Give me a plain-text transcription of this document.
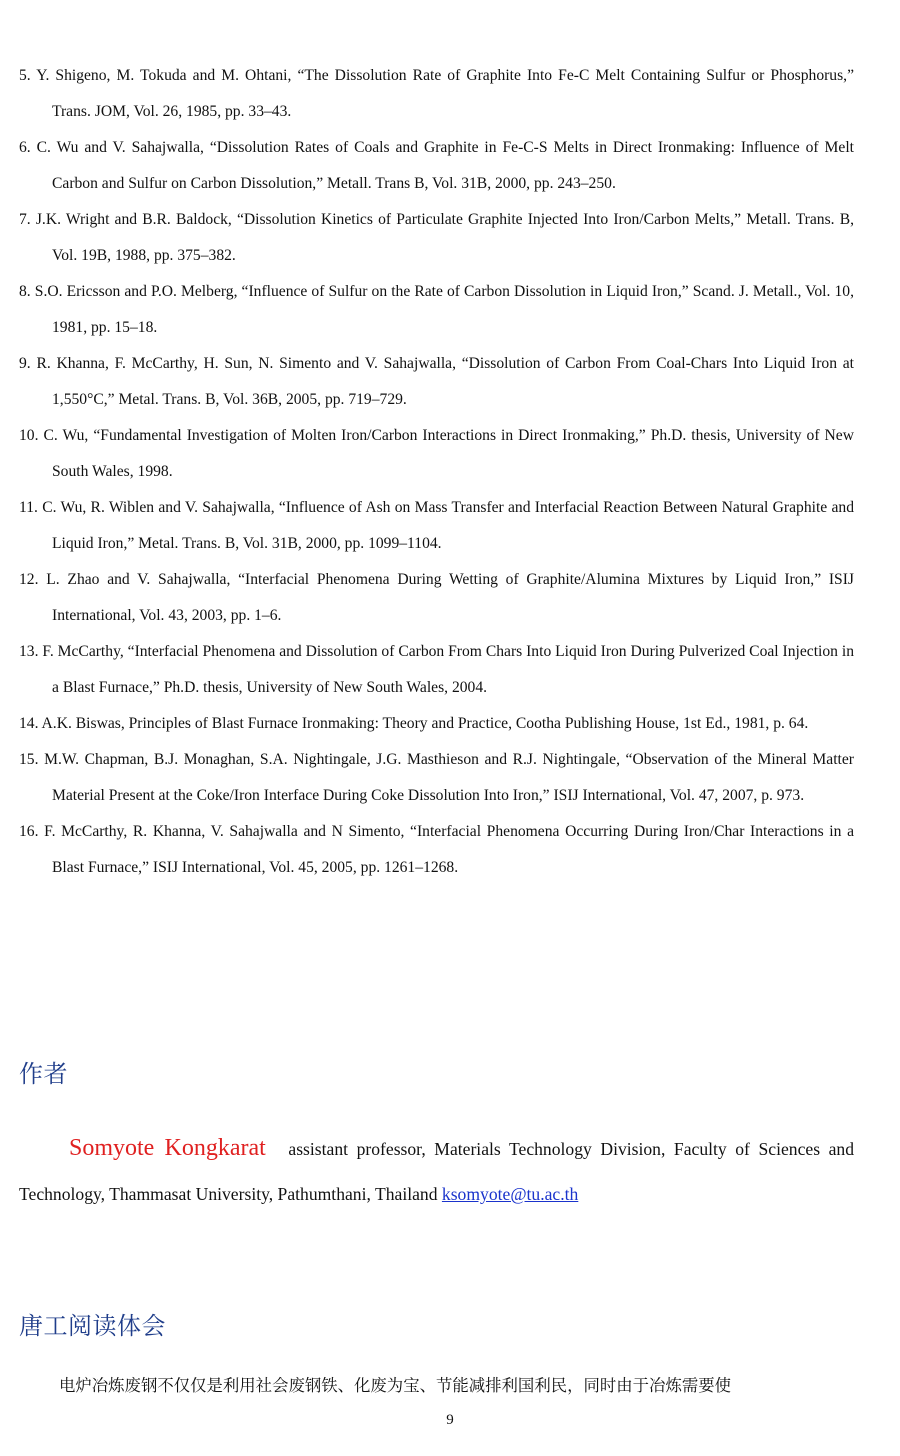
5. Y. Shigeno, M. Tokuda and M. Ohtani, “The Dissolution Rate of Graphite Into Fe-C Melt Containing Sulfur or Phosphorus,” Trans. JOM, Vol. 26, 1985, pp. 33–43.

6. C. Wu and V. Sahajwalla, “Dissolution Rates of Coals and Graphite in Fe-C-S Melts in Direct Ironmaking: Influence of Melt Carbon and Sulfur on Carbon Dissolution,” Metall. Trans B, Vol. 31B, 2000, pp. 243–250.

7. J.K. Wright and B.R. Baldock, “Dissolution Kinetics of Particulate Graphite Injected Into Iron/Carbon Melts,” Metall. Trans. B, Vol. 19B, 1988, pp. 375–382.

8. S.O. Ericsson and P.O. Melberg, “Influence of Sulfur on the Rate of Carbon Dissolution in Liquid Iron,” Scand. J. Metall., Vol. 10, 1981, pp. 15–18.

9. R. Khanna, F. McCarthy, H. Sun, N. Simento and V. Sahajwalla, “Dissolution of Carbon From Coal-Chars Into Liquid Iron at 1,550°C,” Metal. Trans. B, Vol. 36B, 2005, pp. 719–729.

10. C. Wu, “Fundamental Investigation of Molten Iron/Carbon Interactions in Direct Ironmaking,” Ph.D. thesis, University of New South Wales, 1998.

11. C. Wu, R. Wiblen and V. Sahajwalla, “Influence of Ash on Mass Transfer and Interfacial Reaction Between Natural Graphite and Liquid Iron,” Metal. Trans. B, Vol. 31B, 2000, pp. 1099–1104.

12. L. Zhao and V. Sahajwalla, “Interfacial Phenomena During Wetting of Graphite/Alumina Mixtures by Liquid Iron,” ISIJ International, Vol. 43, 2003, pp. 1–6.

13. F. McCarthy, “Interfacial Phenomena and Dissolution of Carbon From Chars Into Liquid Iron During Pulverized Coal Injection in a Blast Furnace,” Ph.D. thesis, University of New South Wales, 2004.

14. A.K. Biswas, Principles of Blast Furnace Ironmaking: Theory and Practice, Cootha Publishing House, 1st Ed., 1981, p. 64.

15. M.W. Chapman, B.J. Monaghan, S.A. Nightingale, J.G. Masthieson and R.J. Nightingale, “Observation of the Mineral Matter Material Present at the Coke/Iron Interface During Coke Dissolution Into Iron,” ISIJ International, Vol. 47, 2007, p. 973.

16. F. McCarthy, R. Khanna, V. Sahajwalla and N Simento, “Interfacial Phenomena Occurring During Iron/Char Interactions in a Blast Furnace,” ISIJ International, Vol. 45, 2005, pp. 1261–1268.

作者
Somyote Kongkarat assistant professor, Materials Technology Division, Faculty of Sciences and Technology, Thammasat University, Pathumthani, Thailand ksomyote@tu.ac.th
唐工阅读体会
电炉冶炼废钢不仅仅是利用社会废钢铁、化废为宝、节能减排利国利民，同时由于冶炼需要使
9
